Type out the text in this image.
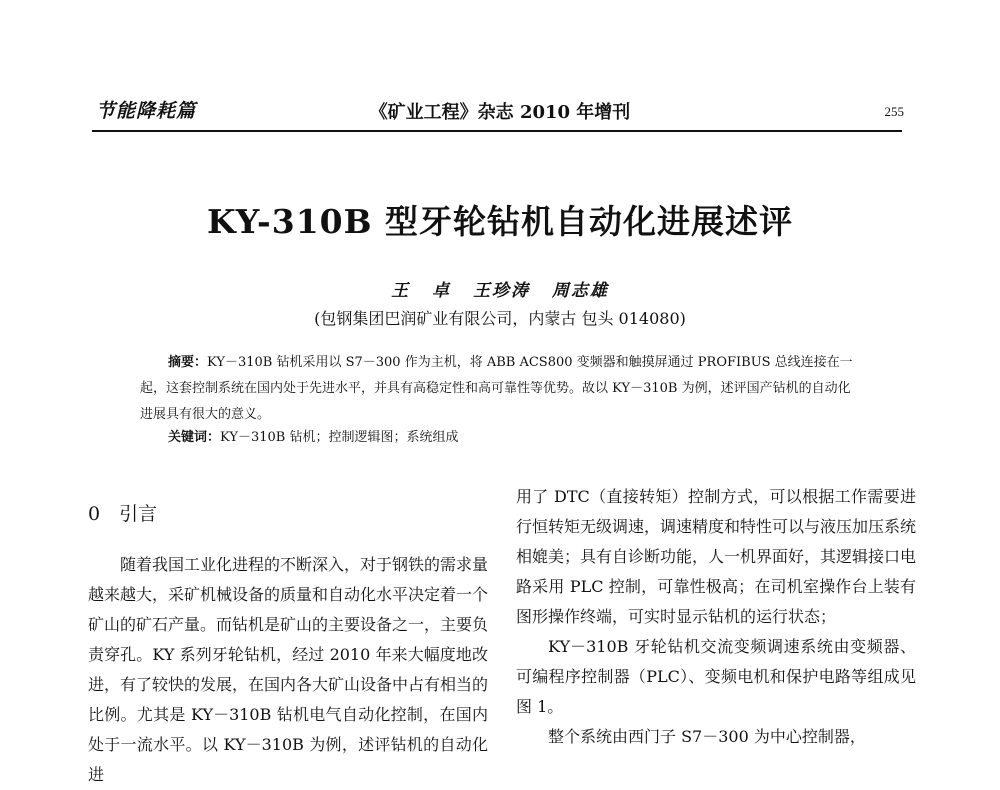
节能降耗篇	《矿业工程》杂志 2010 年增刊	255
KY-310B 型牙轮钻机自动化进展述评
王 卓 王珍涛 周志雄
(包钢集团巴润矿业有限公司，内蒙古 包头 014080)

摘要：KY－310B 钻机采用以 S7－300 作为主机，将 ABB ACS800 变频器和触摸屏通过 PROFIBUS 总线连接在一起，这套控制系统在国内处于先进水平，并具有高稳定性和高可靠性等优势。故以 KY－310B 为例，述评国产钻机的自动化进展具有很大的意义。

关键词：KY－310B 钻机；控制逻辑图；系统组成
0　引言

随着我国工业化进程的不断深入，对于钢铁的需求量越来越大，采矿机械设备的质量和自动化水平决定着一个矿山的矿石产量。而钻机是矿山的主要设备之一，主要负责穿孔。KY 系列牙轮钻机，经过 2010 年来大幅度地改进，有了较快的发展，在国内各大矿山设备中占有相当的比例。尤其是 KY－310B 钻机电气自动化控制，在国内处于一流水平。以 KY－310B 为例，述评钻机的自动化进

用了 DTC（直接转矩）控制方式，可以根据工作需要进行恒转矩无级调速，调速精度和特性可以与液压加压系统相媲美；具有自诊断功能，人一机界面好，其逻辑接口电路采用 PLC 控制，可靠性极高；在司机室操作台上装有图形操作终端，可实时显示钻机的运行状态；

KY－310B 牙轮钻机交流变频调速系统由变频器、可编程序控制器（PLC）、变频电机和保护电路等组成见图 1。

整个系统由西门子 S7－300 为中心控制器，
